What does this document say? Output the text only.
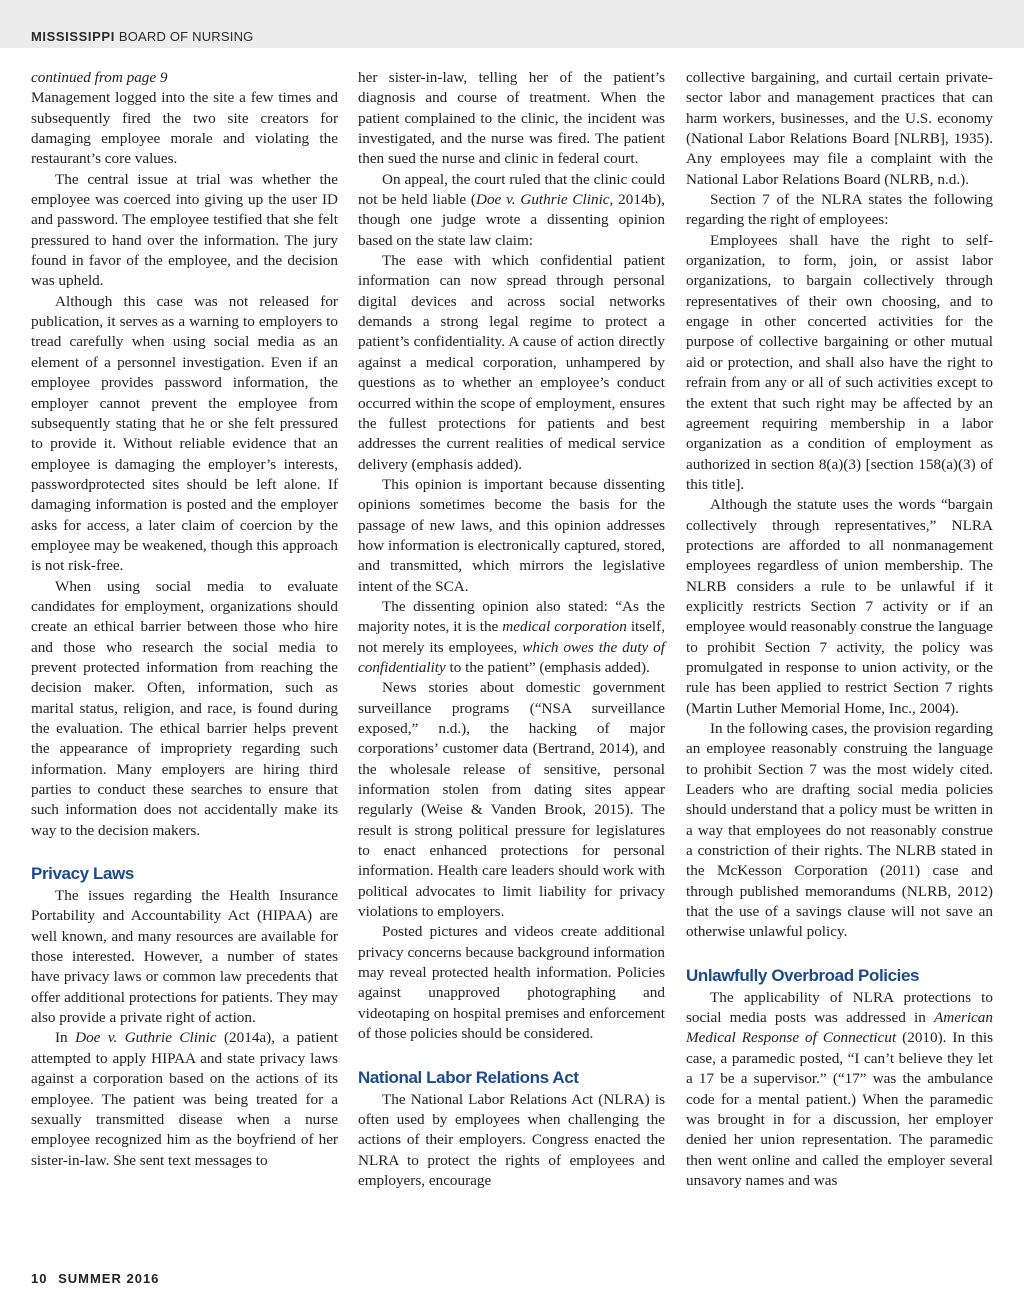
MISSISSIPPI BOARD OF NURSING

continued from page 9

Management logged into the site a few times and subsequently fired the two site creators for damaging employee morale and violating the restaurant’s core values.

The central issue at trial was whether the employee was coerced into giving up the user ID and password. The employee testified that she felt pressured to hand over the information. The jury found in favor of the employee, and the decision was upheld.

Although this case was not released for publication, it serves as a warning to employers to tread carefully when using social media as an element of a personnel investigation. Even if an employee provides password information, the employer cannot prevent the employee from subsequently stating that he or she felt pressured to provide it. Without reliable evidence that an employee is damaging the employer’s interests, passwordprotected sites should be left alone. If damaging information is posted and the employer asks for access, a later claim of coercion by the employee may be weakened, though this approach is not risk-free.

When using social media to evaluate candidates for employment, organizations should create an ethical barrier between those who hire and those who research the social media to prevent protected information from reaching the decision maker. Often, information, such as marital status, religion, and race, is found during the evaluation. The ethical barrier helps prevent the appearance of impropriety regarding such information. Many employers are hiring third parties to conduct these searches to ensure that such information does not accidentally make its way to the decision makers.

Privacy Laws

The issues regarding the Health Insurance Portability and Accountability Act (HIPAA) are well known, and many resources are available for those interested. However, a number of states have privacy laws or common law precedents that offer additional protections for patients. They may also provide a private right of action.

In Doe v. Guthrie Clinic (2014a), a patient attempted to apply HIPAA and state privacy laws against a corporation based on the actions of its employee. The patient was being treated for a sexually transmitted disease when a nurse employee recognized him as the boyfriend of her sister-in-law. She sent text messages to

her sister-in-law, telling her of the patient’s diagnosis and course of treatment. When the patient complained to the clinic, the incident was investigated, and the nurse was fired. The patient then sued the nurse and clinic in federal court.

On appeal, the court ruled that the clinic could not be held liable (Doe v. Guthrie Clinic, 2014b), though one judge wrote a dissenting opinion based on the state law claim:

The ease with which confidential patient information can now spread through personal digital devices and across social networks demands a strong legal regime to protect a patient’s confidentiality. A cause of action directly against a medical corporation, unhampered by questions as to whether an employee’s conduct occurred within the scope of employment, ensures the fullest protections for patients and best addresses the current realities of medical service delivery (emphasis added).

This opinion is important because dissenting opinions sometimes become the basis for the passage of new laws, and this opinion addresses how information is electronically captured, stored, and transmitted, which mirrors the legislative intent of the SCA.

The dissenting opinion also stated: “As the majority notes, it is the medical corporation itself, not merely its employees, which owes the duty of confidentiality to the patient” (emphasis added).

News stories about domestic government surveillance programs (“NSA surveillance exposed,” n.d.), the hacking of major corporations’ customer data (Bertrand, 2014), and the wholesale release of sensitive, personal information stolen from dating sites appear regularly (Weise & Vanden Brook, 2015). The result is strong political pressure for legislatures to enact enhanced protections for personal information. Health care leaders should work with political advocates to limit liability for privacy violations to employers.

Posted pictures and videos create additional privacy concerns because background information may reveal protected health information. Policies against unapproved photographing and videotaping on hospital premises and enforcement of those policies should be considered.

National Labor Relations Act

The National Labor Relations Act (NLRA) is often used by employees when challenging the actions of their employers. Congress enacted the NLRA to protect the rights of employees and employers, encourage

collective bargaining, and curtail certain private-sector labor and management practices that can harm workers, businesses, and the U.S. economy (National Labor Relations Board [NLRB], 1935). Any employees may file a complaint with the National Labor Relations Board (NLRB, n.d.).

Section 7 of the NLRA states the following regarding the right of employees:

Employees shall have the right to self-organization, to form, join, or assist labor organizations, to bargain collectively through representatives of their own choosing, and to engage in other concerted activities for the purpose of collective bargaining or other mutual aid or protection, and shall also have the right to refrain from any or all of such activities except to the extent that such right may be affected by an agreement requiring membership in a labor organization as a condition of employment as authorized in section 8(a)(3) [section 158(a)(3) of this title].

Although the statute uses the words “bargain collectively through representatives,” NLRA protections are afforded to all nonmanagement employees regardless of union membership. The NLRB considers a rule to be unlawful if it explicitly restricts Section 7 activity or if an employee would reasonably construe the language to prohibit Section 7 activity, the policy was promulgated in response to union activity, or the rule has been applied to restrict Section 7 rights (Martin Luther Memorial Home, Inc., 2004).

In the following cases, the provision regarding an employee reasonably construing the language to prohibit Section 7 was the most widely cited. Leaders who are drafting social media policies should understand that a policy must be written in a way that employees do not reasonably construe a constriction of their rights. The NLRB stated in the McKesson Corporation (2011) case and through published memorandums (NLRB, 2012) that the use of a savings clause will not save an otherwise unlawful policy.

Unlawfully Overbroad Policies

The applicability of NLRA protections to social media posts was addressed in American Medical Response of Connecticut (2010). In this case, a paramedic posted, “I can’t believe they let a 17 be a supervisor.” (“17” was the ambulance code for a mental patient.) When the paramedic was brought in for a discussion, her employer denied her union representation. The paramedic then went online and called the employer several unsavory names and was

10 SUMMER 2016
